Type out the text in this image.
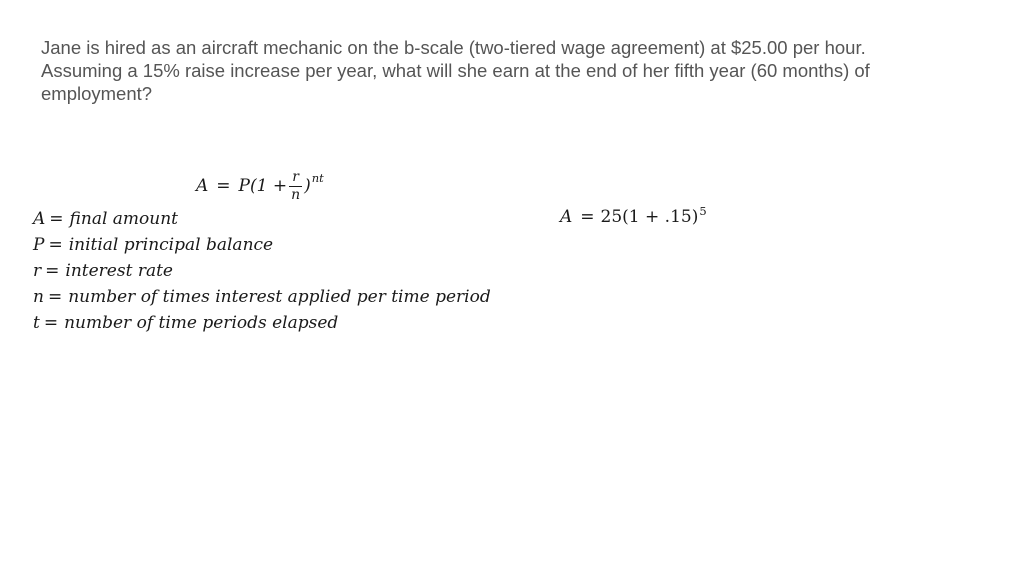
Jane is hired as an aircraft mechanic on the b-scale (two-tiered wage agreement) at $25.00 per hour.
Assuming a 15% raise increase per year, what will she earn at the end of her fifth year (60 months) of
employment?
$A = P(1 + \frac{r}{n}$ ) nt
A = final amount
P = initial principal balance
r = interest rate
n = number of times interest applied per time period
t = number of time periods elapsed
$A = 25(1 + .15)^5$
